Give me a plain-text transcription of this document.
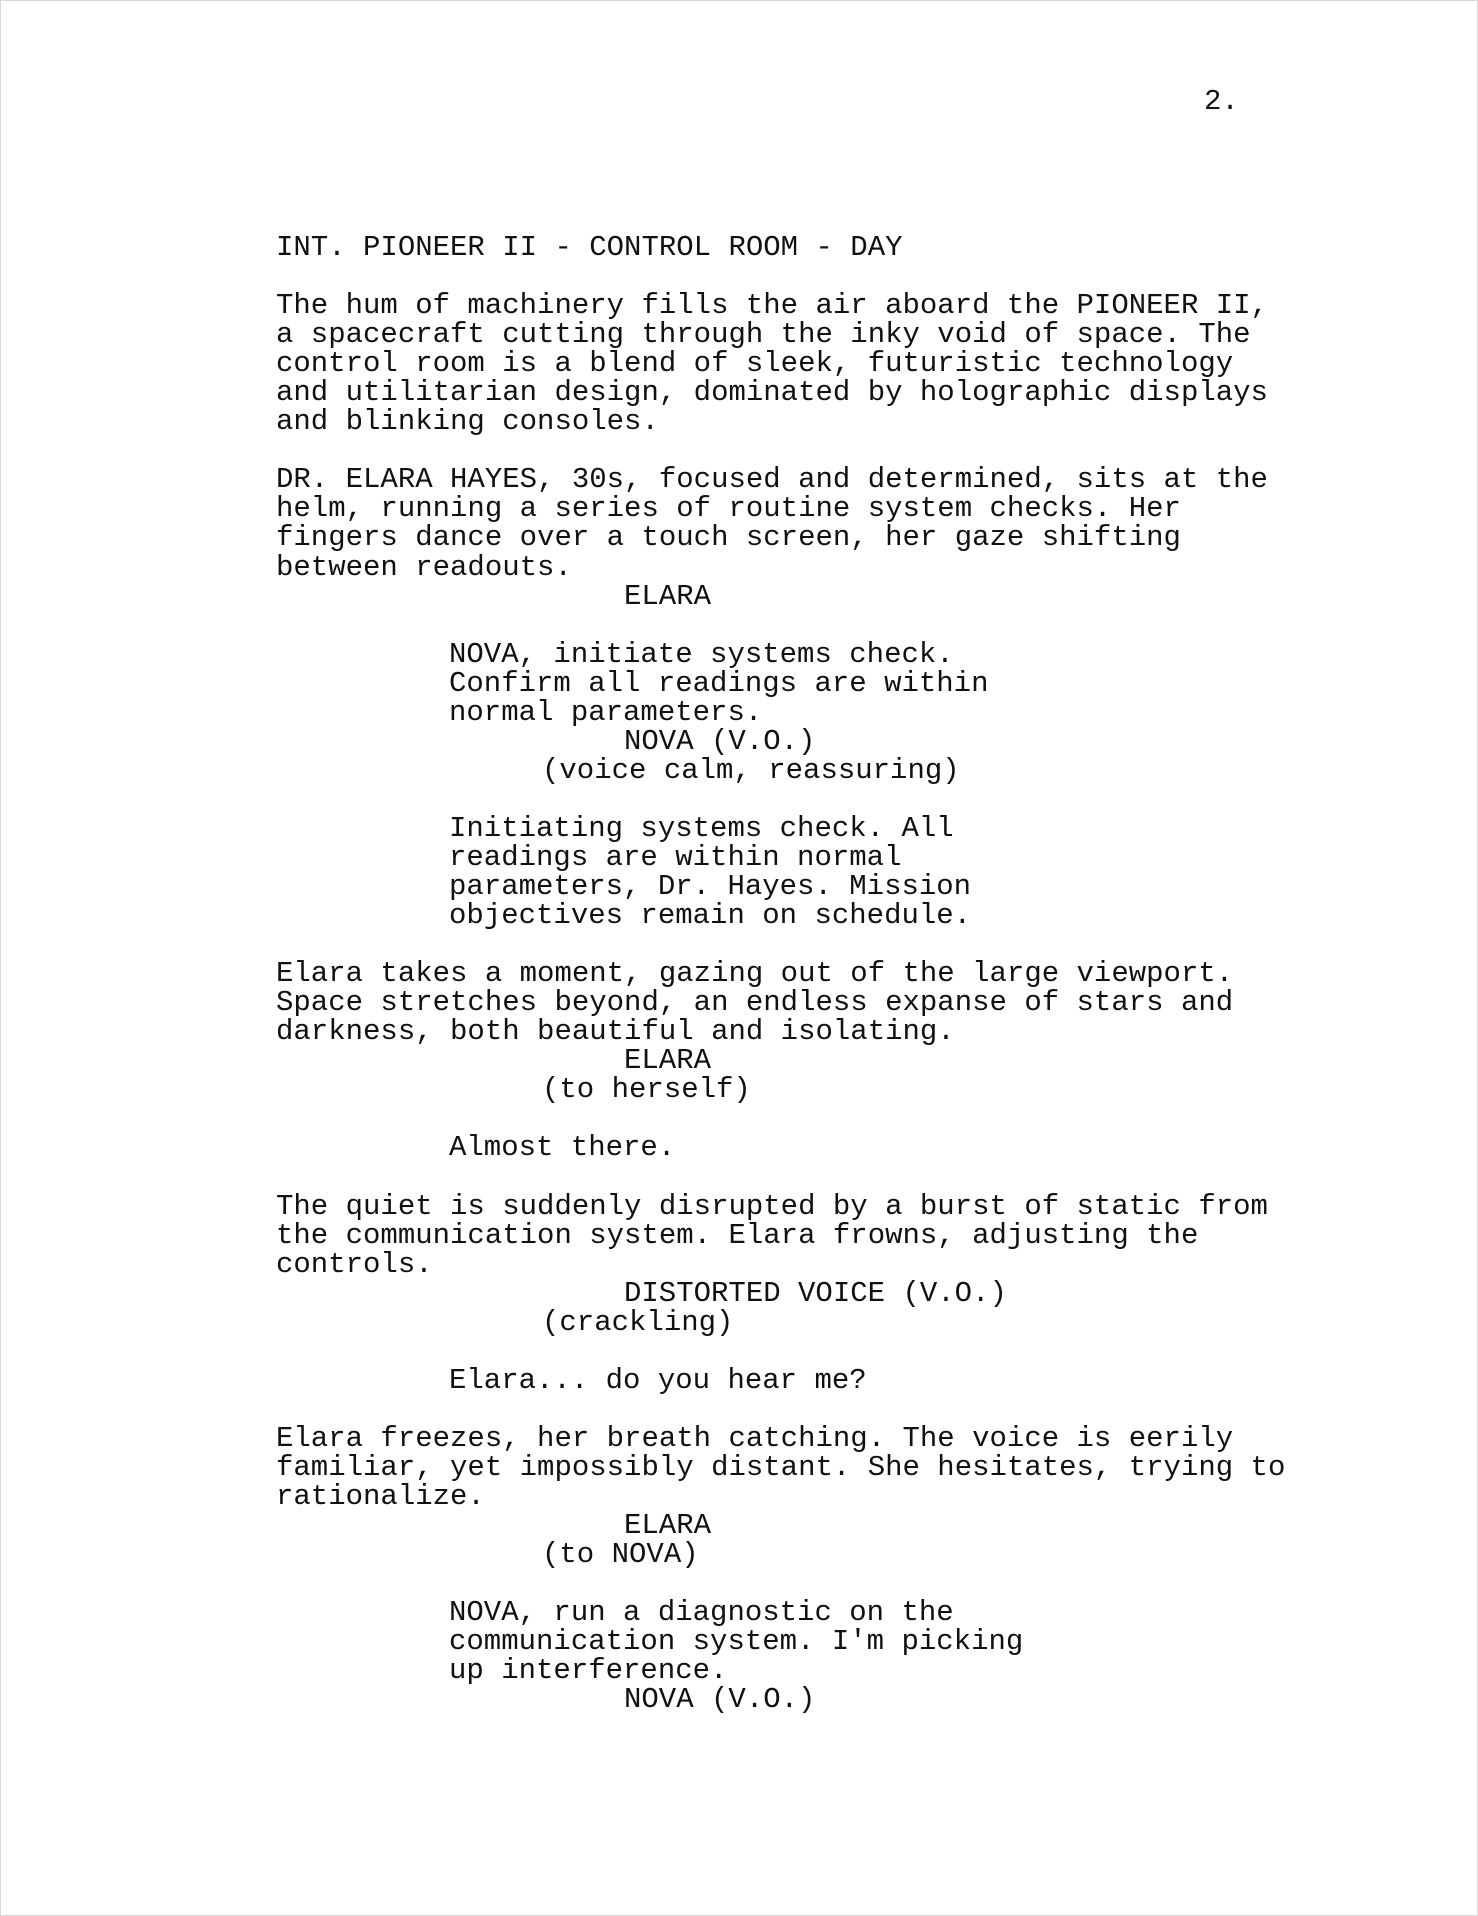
2.
INT. PIONEER II - CONTROL ROOM - DAY
The hum of machinery fills the air aboard the PIONEER II,
a spacecraft cutting through the inky void of space. The
control room is a blend of sleek, futuristic technology
and utilitarian design, dominated by holographic displays
and blinking consoles.
DR. ELARA HAYES, 30s, focused and determined, sits at the
helm, running a series of routine system checks. Her
fingers dance over a touch screen, her gaze shifting
between readouts.
ELARA
NOVA, initiate systems check.
Confirm all readings are within
normal parameters.
NOVA (V.O.)
(voice calm, reassuring)
Initiating systems check. All
readings are within normal
parameters, Dr. Hayes. Mission
objectives remain on schedule.
Elara takes a moment, gazing out of the large viewport.
Space stretches beyond, an endless expanse of stars and
darkness, both beautiful and isolating.
ELARA
(to herself)
Almost there.
The quiet is suddenly disrupted by a burst of static from
the communication system. Elara frowns, adjusting the
controls.
DISTORTED VOICE (V.O.)
(crackling)
Elara... do you hear me?
Elara freezes, her breath catching. The voice is eerily
familiar, yet impossibly distant. She hesitates, trying to
rationalize.
ELARA
(to NOVA)
NOVA, run a diagnostic on the
communication system. I'm picking
up interference.
NOVA (V.O.)
